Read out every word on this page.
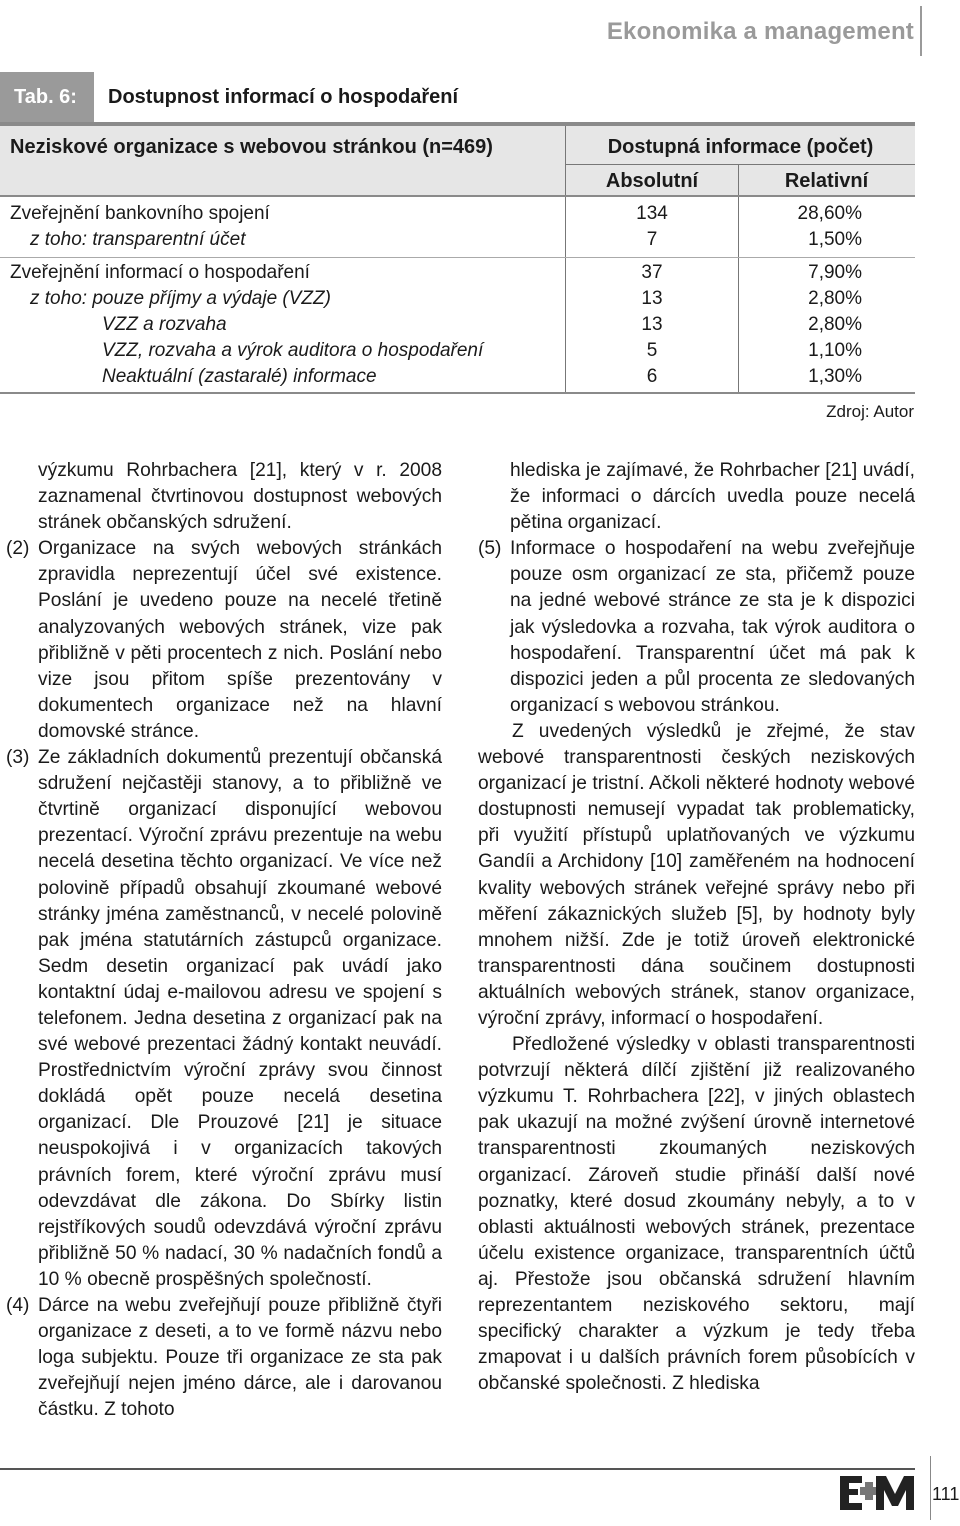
Ekonomika a management
Tab. 6:	Dostupnost informací o hospodaření
Neziskové organizace s webovou stránkou (n=469)	Dostupná informace (počet)
Absolutní	Relativní
Zveřejnění bankovního spojení	134	28,60%
z toho: transparentní účet	7	1,50%
Zveřejnění informací o hospodaření	37	7,90%
z toho: pouze příjmy a výdaje (VZZ)	13	2,80%
VZZ a rozvaha	13	2,80%
VZZ, rozvaha a výrok auditora o hospodaření	5	1,10%
Neaktuální (zastaralé) informace	6	1,30%
Zdroj: Autor

výzkumu Rohrbachera [21], který v r. 2008 zaznamenal čtvrtinovou dostupnost webových stránek občanských sdružení.

(2) Organizace na svých webových stránkách zpravidla neprezentují účel své existence. Poslání je uvedeno pouze na necelé třetině analyzovaných webových stránek, vize pak přibližně v pěti procentech z nich. Poslání nebo vize jsou přitom spíše prezentovány v dokumentech organizace než na hlavní domovské stránce.

(3) Ze základních dokumentů prezentují občanská sdružení nejčastěji stanovy, a to přibližně ve čtvrtině organizací disponující webovou prezentací. Výroční zprávu prezentuje na webu necelá desetina těchto organizací. Ve více než polovině případů obsahují zkoumané webové stránky jména zaměstnanců, v necelé polovině pak jména statutárních zástupců organizace. Sedm desetin organizací pak uvádí jako kontaktní údaj e-mailovou adresu ve spojení s telefonem. Jedna desetina z organizací pak na své webové prezentaci žádný kontakt neuvádí. Prostřednictvím výroční zprávy svou činnost dokládá opět pouze necelá desetina organizací. Dle Prouzové [21] je situace neuspokojivá i v organizacích takových právních forem, které výroční zprávu musí odevzdávat dle zákona. Do Sbírky listin rejstříkových soudů odevzdává výroční zprávu přibližně 50 % nadací, 30 % nadačních fondů a 10 % obecně prospěšných společností.

(4) Dárce na webu zveřejňují pouze přibližně čtyři organizace z deseti, a to ve formě názvu nebo loga subjektu. Pouze tři organizace ze sta pak zveřejňují nejen jméno dárce, ale i darovanou částku. Z tohoto

hlediska je zajímavé, že Rohrbacher [21] uvádí, že informaci o dárcích uvedla pouze necelá pětina organizací.

(5) Informace o hospodaření na webu zveřejňuje pouze osm organizací ze sta, přičemž pouze na jedné webové stránce ze sta je k dispozici jak výsledovka a rozvaha, tak výrok auditora o hospodaření. Transparentní účet má pak k dispozici jeden a půl procenta ze sledovaných organizací s webovou stránkou.

Z uvedených výsledků je zřejmé, že stav webové transparentnosti českých neziskových organizací je tristní. Ačkoli některé hodnoty webové dostupnosti nemusejí vypadat tak problematicky, při využití přístupů uplatňovaných ve výzkumu Gandíi a Archidony [10] zaměřeném na hodnocení kvality webových stránek veřejné správy nebo při měření zákaznických služeb [5], by hodnoty byly mnohem nižší. Zde je totiž úroveň elektronické transparentnosti dána součinem dostupnosti aktuálních webových stránek, stanov organizace, výroční zprávy, informací o hospodaření.

Předložené výsledky v oblasti transparentnosti potvrzují některá dílčí zjištění již realizovaného výzkumu T. Rohrbachera [22], v jiných oblastech pak ukazují na možné zvýšení úrovně internetové transparentnosti zkoumaných neziskových organizací. Zároveň studie přináší další nové poznatky, které dosud zkoumány nebyly, a to v oblasti aktuálnosti webových stránek, prezentace účelu existence organizace, transparentních účtů aj. Přestože jsou občanská sdružení hlavním reprezentantem neziskového sektoru, mají specifický charakter a výzkum je tedy třeba zmapovat i u dalších právních forem působících v občanské společnosti. Z hlediska

111
